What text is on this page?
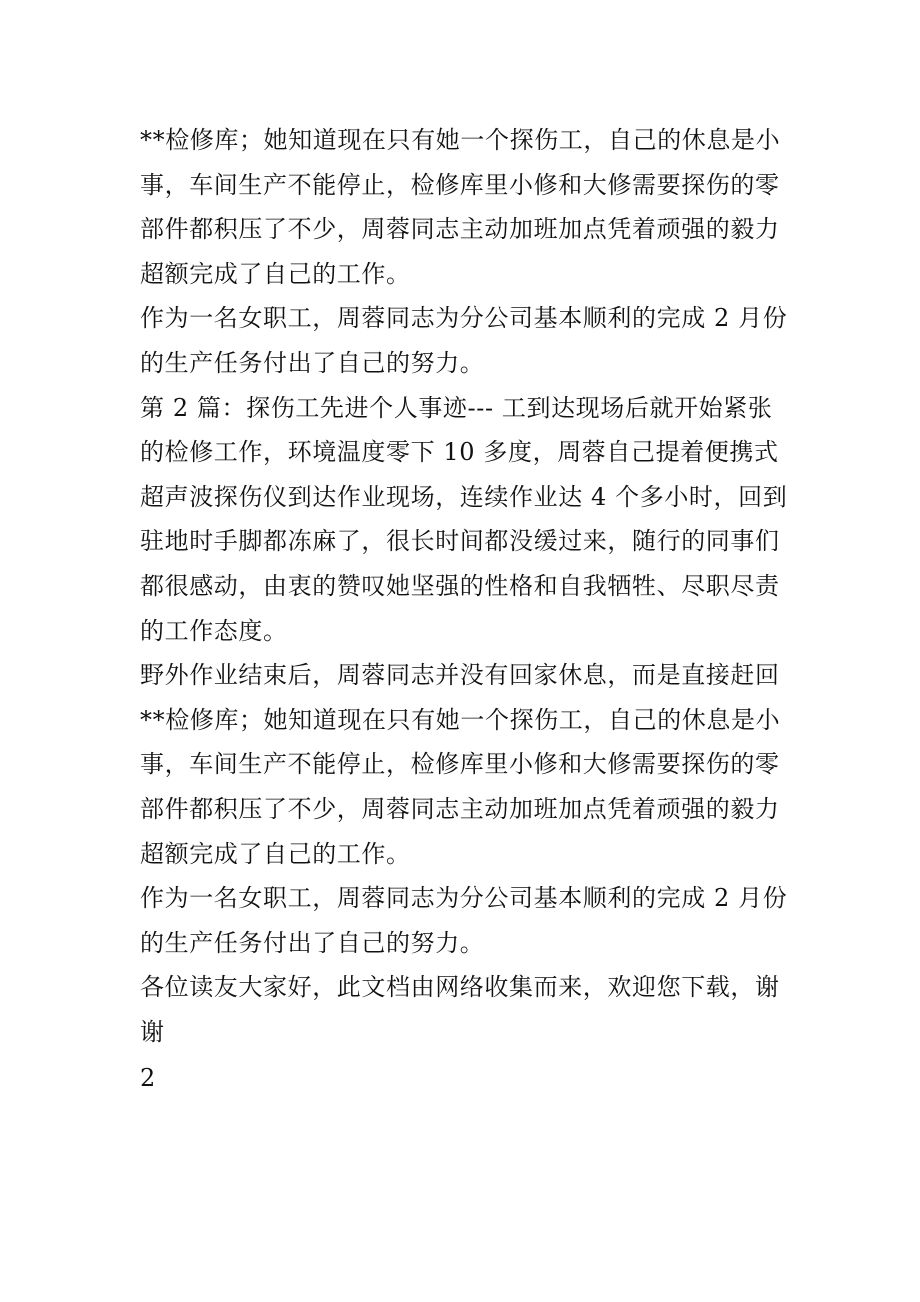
**检修库；她知道现在只有她一个探伤工，自己的休息是小
事，车间生产不能停止，检修库里小修和大修需要探伤的零
部件都积压了不少，周蓉同志主动加班加点凭着顽强的毅力
超额完成了自己的工作。

作为一名女职工，周蓉同志为分公司基本顺利的完成 2 月份
的生产任务付出了自己的努力。

第 2 篇：探伤工先进个人事迹--- 工到达现场后就开始紧张
的检修工作，环境温度零下 10 多度，周蓉自己提着便携式
超声波探伤仪到达作业现场，连续作业达 4 个多小时，回到
驻地时手脚都冻麻了，很长时间都没缓过来，随行的同事们
都很感动，由衷的赞叹她坚强的性格和自我牺牲、尽职尽责
的工作态度。

野外作业结束后，周蓉同志并没有回家休息，而是直接赶回
**检修库；她知道现在只有她一个探伤工，自己的休息是小
事，车间生产不能停止，检修库里小修和大修需要探伤的零
部件都积压了不少，周蓉同志主动加班加点凭着顽强的毅力
超额完成了自己的工作。

作为一名女职工，周蓉同志为分公司基本顺利的完成 2 月份
的生产任务付出了自己的努力。

各位读友大家好，此文档由网络收集而来，欢迎您下载，谢
谢

2
